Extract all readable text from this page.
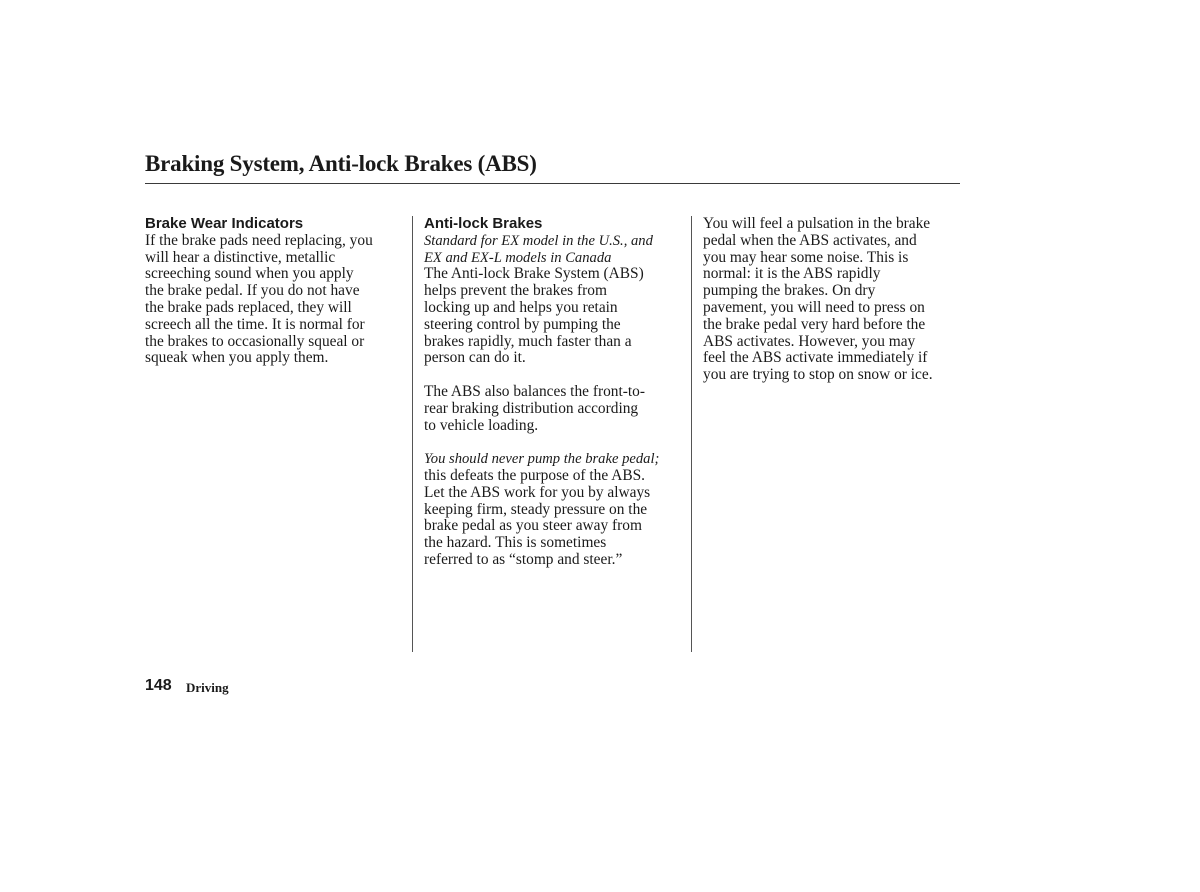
Braking System, Anti-lock Brakes (ABS)
Brake Wear Indicators
If the brake pads need replacing, you
will hear a distinctive, metallic
screeching sound when you apply
the brake pedal. If you do not have
the brake pads replaced, they will
screech all the time. It is normal for
the brakes to occasionally squeal or
squeak when you apply them.
Anti-lock Brakes
Standard for EX model in the U.S., and
EX and EX-L models in Canada
The Anti-lock Brake System (ABS)
helps prevent the brakes from
locking up and helps you retain
steering control by pumping the
brakes rapidly, much faster than a
person can do it.
The ABS also balances the front-to-
rear braking distribution according
to vehicle loading.
You should never pump the brake pedal;
this defeats the purpose of the ABS.
Let the ABS work for you by always
keeping firm, steady pressure on the
brake pedal as you steer away from
the hazard. This is sometimes
referred to as “stomp and steer.”
You will feel a pulsation in the brake
pedal when the ABS activates, and
you may hear some noise. This is
normal: it is the ABS rapidly
pumping the brakes. On dry
pavement, you will need to press on
the brake pedal very hard before the
ABS activates. However, you may
feel the ABS activate immediately if
you are trying to stop on snow or ice.
148 Driving
